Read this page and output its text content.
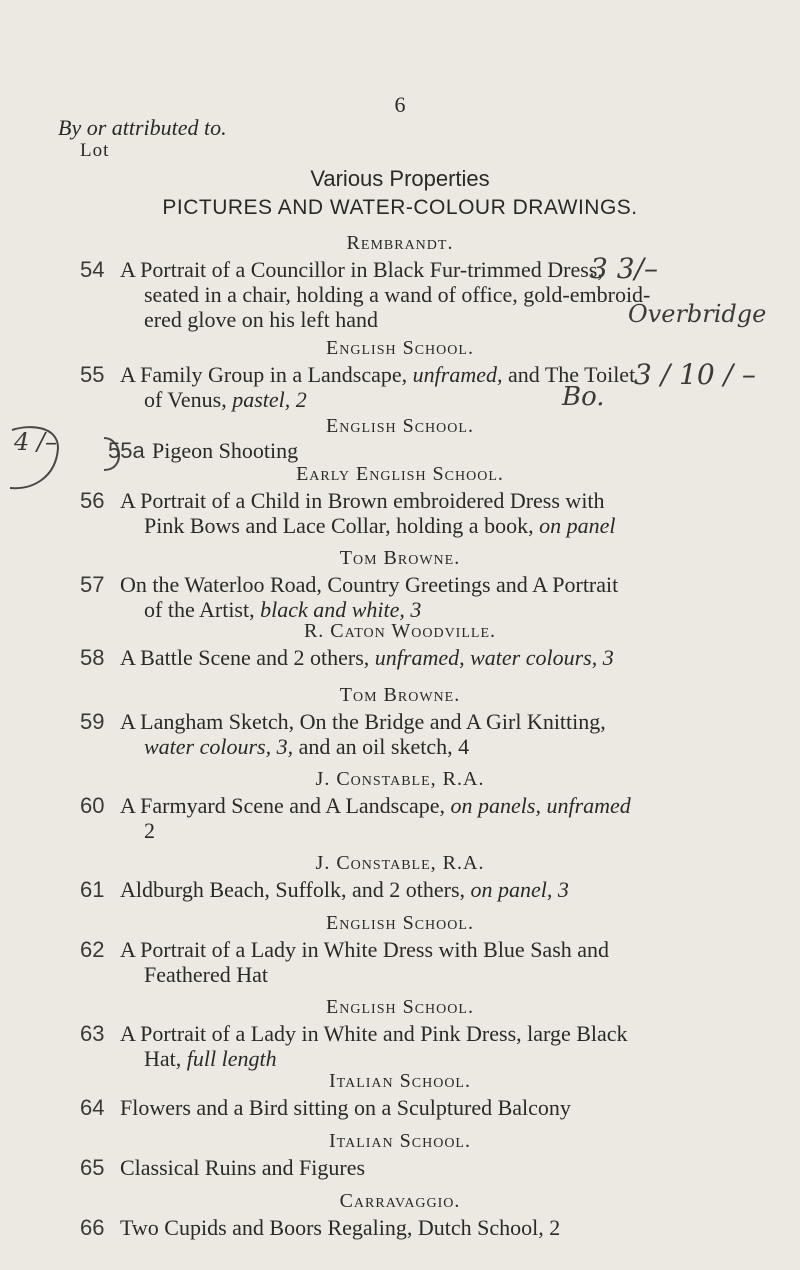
6
By or attributed to.
Lot
Various Properties
PICTURES AND WATER-COLOUR DRAWINGS.
Rembrandt.
54 A Portrait of a Councillor in Black Fur-trimmed Dress,
seated in a chair, holding a wand of office, gold-embroid-
ered glove on his left hand
3 3/–
Overbridge
English School.
55 A Family Group in a Landscape, unframed, and The Toilet
of Venus, pastel, 2
3 / 10 / –
Bo.
English School.
4 /– 55a Pigeon Shooting
Early English School.
56 A Portrait of a Child in Brown embroidered Dress with
Pink Bows and Lace Collar, holding a book, on panel
Tom Browne.
57 On the Waterloo Road, Country Greetings and A Portrait
of the Artist, black and white, 3
R. Caton Woodville.
58 A Battle Scene and 2 others, unframed, water colours, 3
Tom Browne.
59 A Langham Sketch, On the Bridge and A Girl Knitting,
water colours, 3, and an oil sketch, 4
J. Constable, R.A.
60 A Farmyard Scene and A Landscape, on panels, unframed
2
J. Constable, R.A.
61 Aldburgh Beach, Suffolk, and 2 others, on panel, 3
English School.
62 A Portrait of a Lady in White Dress with Blue Sash and
Feathered Hat
English School.
63 A Portrait of a Lady in White and Pink Dress, large Black
Hat, full length
Italian School.
64 Flowers and a Bird sitting on a Sculptured Balcony
Italian School.
65 Classical Ruins and Figures
Carravaggio.
66 Two Cupids and Boors Regaling, Dutch School, 2
